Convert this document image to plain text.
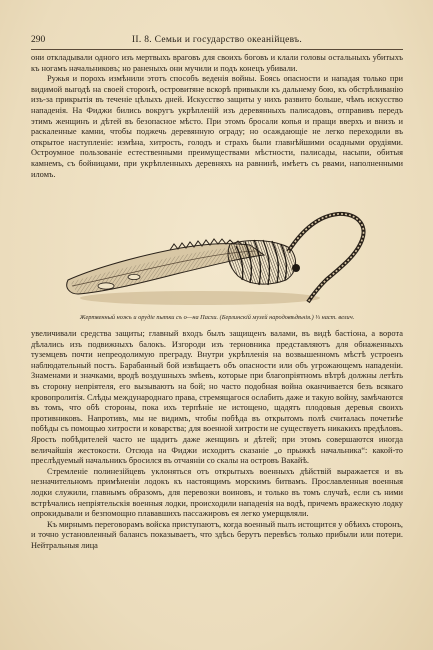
290	II. 8. Семьи и государство океанійцевъ.

они откладывали одного изъ мертвыхъ враговъ для своихъ боговъ и клали головы остальныхъ убитыхъ къ ногамъ начальниковъ; но раненыхъ они мучили и подъ конецъ убивали.

Ружья и порохъ измѣнили этотъ способъ веденія войны. Боясь опасности и нападая только при видимой выгодѣ на своей сторонѣ, островитяне вскорѣ привыкли къ дальнему бою, къ обстрѣливанію изъ-за прикрытія въ теченіе цѣлыхъ дней. Искусство защиты у нихъ развито больше, чѣмъ искусство нападенія. На Фиджи бились вокругъ укрѣпленій изъ деревянныхъ палисадовъ, отправивъ передъ этимъ женщинъ и дѣтей въ безопасное мѣсто. При этомъ бросали копья и пращи вверхъ и внизъ и раскаленные камни, чтобы поджечь деревянную ограду; но осаждающіе не легко переходили въ открытое наступленіе: измѣна, хитрость, голодъ и страхъ были главнѣйшими осадными орудіями. Остроумное пользованіе естественными преимуществами мѣстности, палисады, насыпи, обитыя камнемъ, съ бойницами, при укрѣпленныхъ деревняхъ на равнинѣ, имѣетъ съ рвами, наполненными иломъ.

Жертвенный ножъ и орудіе пытки съ о—на Пасхи. (Берлинскій музей народовѣдѣнія.) ⅓ наст. велич.

увеличивали средства защиты; главный входъ былъ защищенъ валами, въ видѣ бастіона, а ворота дѣлались изъ подвижныхъ балокъ. Изгороди изъ терновника представляютъ для обнаженныхъ туземцевъ почти непреодолимую преграду. Внутри укрѣпленія на возвышенномъ мѣстѣ устроенъ наблюдательный постъ. Барабанный бой извѣщаетъ объ опасности или объ угрожающемъ нападеніи. Знаменами и значками, вродѣ воздушныхъ змѣевъ, которые при благопріятномъ вѣтрѣ должны летѣть въ сторону непріятеля, его вызываютъ на бой; но часто подобная война оканчивается безъ всякаго кровопролитія. Слѣды международнаго права, стремящагося ослабить даже и такую войну, замѣчаются въ томъ, что обѣ стороны, пока ихъ терпѣніе не истощено, щадятъ плодовыя деревья своихъ противниковъ. Напротивъ, мы не видимъ, чтобы побѣда въ открытомъ полѣ считалась почетнѣе побѣды съ помощью хитрости и коварства; для военной хитрости не существуетъ никакихъ предѣловъ. Ярость побѣдителей часто не щадитъ даже женщинъ и дѣтей; при этомъ совершаются иногда величайшія жестокости. Отсюда на Фиджи исходитъ сказаніе „о прыжкѣ начальника“: какой-то преслѣдуемый начальникъ бросился въ отчаяніи со скалы на островъ Вакайѣ.

Стремленіе полинезійцевъ уклоняться отъ открытыхъ военныхъ дѣйствій выражается и въ незначительномъ примѣненіи лодокъ къ настоящимъ морскимъ битвамъ. Прославленныя военныя лодки служили, главнымъ образомъ, для перевозки воиновъ, и только въ томъ случаѣ, если съ ними встрѣчались непріятельскія военныя лодки, происходили нападенія на водѣ, причемъ вражескую лодку опрокидывали и безпомощно плававшихъ пассажировъ ея легко умерщвляли.

Къ мирнымъ переговорамъ войска приступаютъ, когда военный пылъ истощится у обѣихъ сторонъ, и точно установленный балансъ показываетъ, что здѣсь берутъ перевѣсъ только прибыли или потери. Нейтральныя лица
